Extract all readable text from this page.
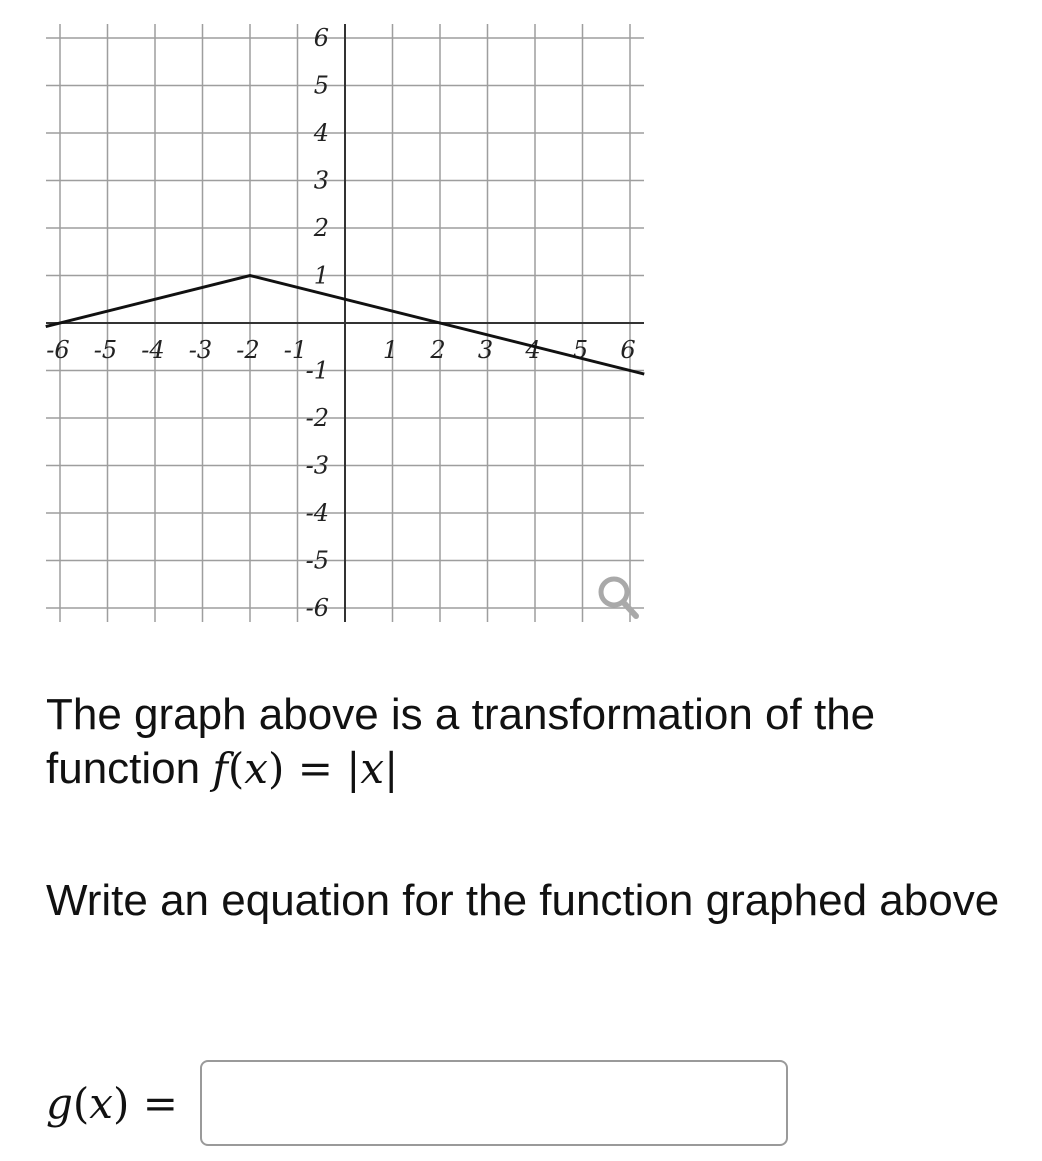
-6 -5 -4 -3 -2 -1	1 2 3 4 5 6
6
5
4
3
2
1
-1
-2
-3
-4
-5
-6

The graph above is a transformation of the function f(x) = |x|

Write an equation for the function graphed above

g(x) =
